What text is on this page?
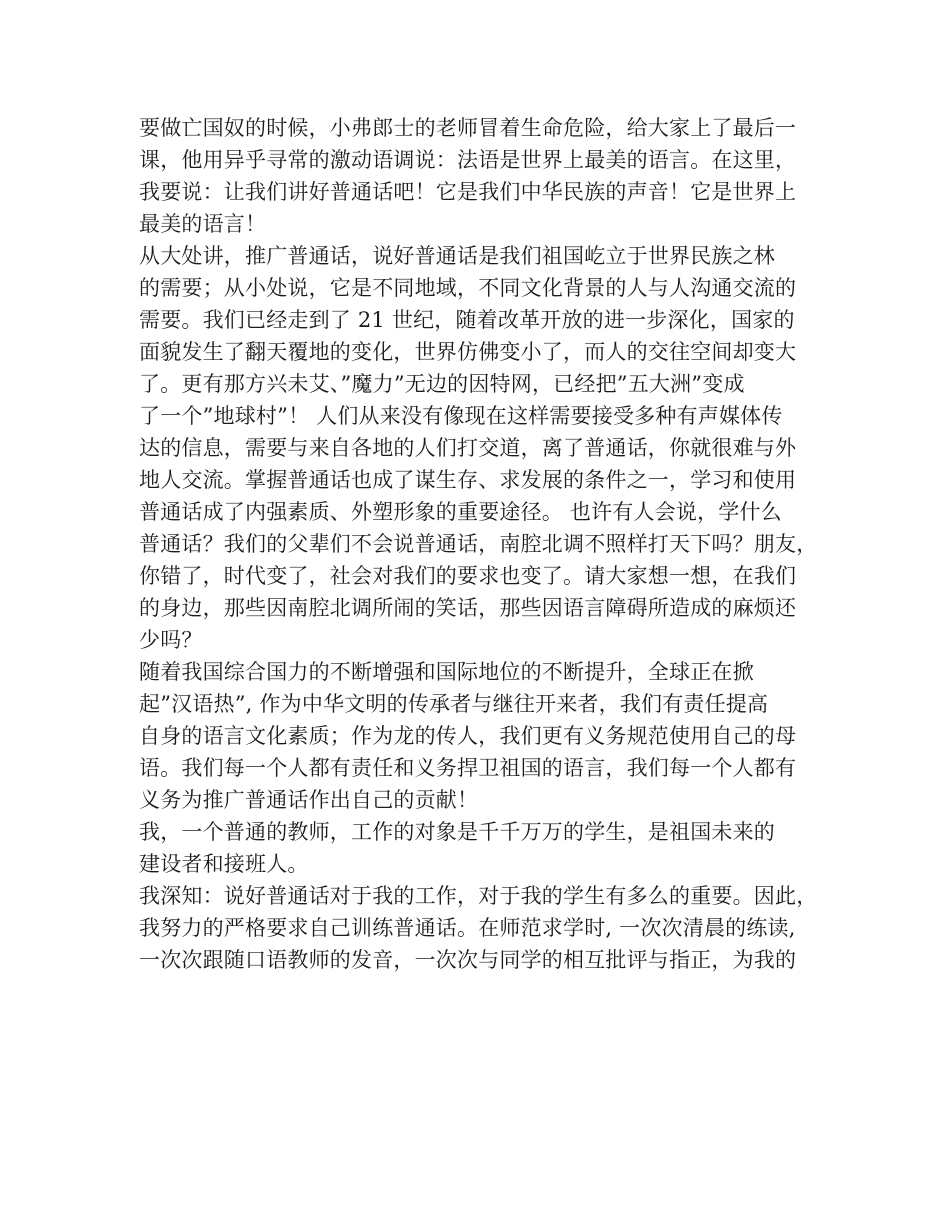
要做亡国奴的时候，小弗郎士的老师冒着生命危险，给大家上了最后一
课，他用异乎寻常的激动语调说：法语是世界上最美的语言。在这里，
我要说：让我们讲好普通话吧！它是我们中华民族的声音！它是世界上
最美的语言！
从大处讲，推广普通话，说好普通话是我们祖国屹立于世界民族之林
的需要；从小处说，它是不同地域，不同文化背景的人与人沟通交流的
需要。我们已经走到了 21 世纪，随着改革开放的进一步深化，国家的
面貌发生了翻天覆地的变化，世界仿佛变小了，而人的交往空间却变大
了。更有那方兴未艾、”魔力”无边的因特网，已经把”五大洲”变成
了一个”地球村”！ 人们从来没有像现在这样需要接受多种有声媒体传
达的信息，需要与来自各地的人们打交道，离了普通话，你就很难与外
地人交流。掌握普通话也成了谋生存、求发展的条件之一，学习和使用
普通话成了内强素质、外塑形象的重要途径。 也许有人会说，学什么
普通话？我们的父辈们不会说普通话，南腔北调不照样打天下吗？朋友，
你错了，时代变了，社会对我们的要求也变了。请大家想一想，在我们
的身边，那些因南腔北调所闹的笑话，那些因语言障碍所造成的麻烦还
少吗？
随着我国综合国力的不断增强和国际地位的不断提升，全球正在掀
起”汉语热”, 作为中华文明的传承者与继往开来者，我们有责任提高
自身的语言文化素质；作为龙的传人，我们更有义务规范使用自己的母
语。我们每一个人都有责任和义务捍卫祖国的语言，我们每一个人都有
义务为推广普通话作出自己的贡献！
我，一个普通的教师，工作的对象是千千万万的学生，是祖国未来的
建设者和接班人。
我深知：说好普通话对于我的工作，对于我的学生有多么的重要。因此，
我努力的严格要求自己训练普通话。在师范求学时, 一次次清晨的练读,
一次次跟随口语教师的发音，一次次与同学的相互批评与指正，为我的
